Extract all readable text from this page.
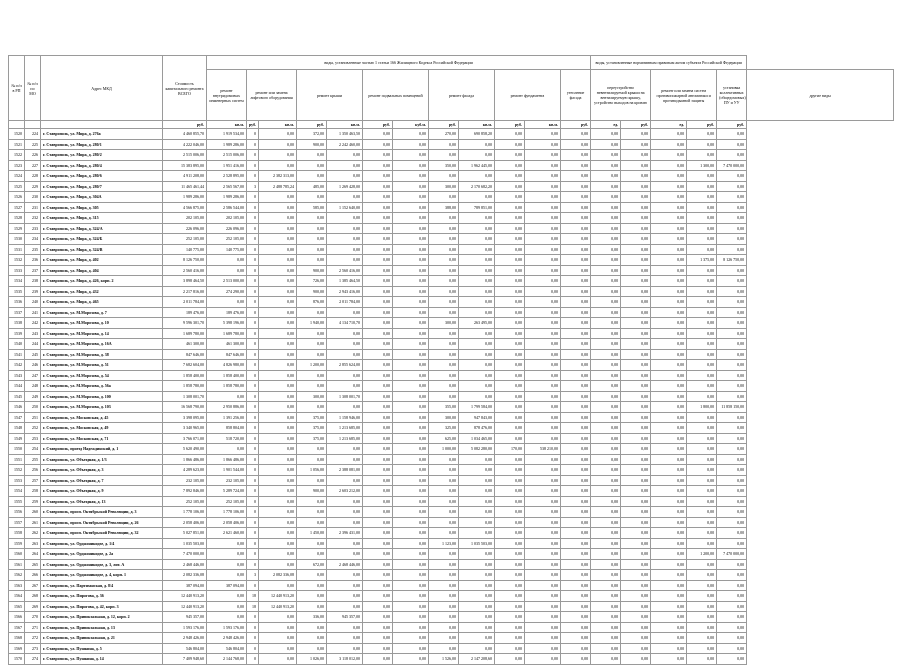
№ п/п в РП	№ п/п по МО	Адрес МКД	Стоимость капитального ремонта ВСЕГО	виды, установленные частью 1 статьи 166 Жилищного Кодекса Российской Федерации												виды, установленные нормативным правовым актом субъекта Российской Федерации					
				ремонт внутридомовых инженерных систем	ремонт или замена лифтового оборудования		ремонт крыши		ремонт подвальных помещений		ремонт фасада		ремонт фундамента		утепление фасада	переустройство невентилируемой крыши на вентилируемую крышу, устройство выходов на кровлю		ремонт или замена систем противопожарной автоматики и противодымной защиты		установка коллективных (общедомовых) ПУ и УУ	другие виды
			руб.	кв.м.	руб.	кв.м.	руб.	кв.м.	руб.	куб.м.	руб.	кв.м.	руб.	кв.м.	руб.	ед.	руб.	ед.	руб.	руб.	
1520	224	г. Ставрополь, ул. Мира, д. 276а	4 460 855,70	1 919 534,00	0	0,00	372,00	1 350 463,50	0,00	0,00	270,00	690 858,20	0,00	0,00	0,00	0,00	0,00	0,00	0,00	0,00	
1521	225	г. Ставрополь, ул. Мира, д. 280/1	4 222 046,00	1 989 286,00	0	0,00	900,00	2 242 460,00	0,00	0,00	0,00	0,00	0,00	0,00	0,00	0,00	0,00	0,00	0,00	0,00	
1522	226	г. Ставрополь, ул. Мира, д. 280/2	2 515 006,00	2 515 006,00	0	0,00	0,00	0,00	0,00	0,00	0,00	0,00	0,00	0,00	0,00	0,00	0,00	0,00	0,00	0,00	
1523	227	г. Ставрополь, ул. Мира, д. 280/4	15 383 895,00	1 951 416,00	0	0,00	0,00	0,00	0,00	0,00	350,00	1 962 445,00	0,00	0,00	0,00	0,00	0,00	0,00	1 300,00	7 470 000,00	
1524	228	г. Ставрополь, ул. Мира, д. 280/6	4 911 208,00	2 528 895,00	0	2 382 313,00	0,00	0,00	0,00	0,00	0,00	0,00	0,00	0,00	0,00	0,00	0,00	0,00	0,00	0,00	
1525	229	г. Ставрополь, ул. Мира, д. 280/7	11 465 461,44	2 565 567,00	3	2 488 785,24	485,00	1 269 428,00	0,00	0,00	300,00	2 170 682,20	0,00	0,00	0,00	0,00	0,00	0,00	0,00	0,00	
1526	230	г. Ставрополь, ул. Мира, д. 304А	1 989 286,00	1 989 286,00	0	0,00	0,00	0,00	0,00	0,00	0,00	0,00	0,00	0,00	0,00	0,00	0,00	0,00	0,00	0,00	
1527	231	г. Ставрополь, ул. Мира, д. 305	4 566 875,00	2 586 544,00	0	0,00	585,00	1 152 640,00	0,00	0,00	388,00	789 851,00	0,00	0,00	0,00	0,00	0,00	0,00	0,00	0,00	
1528	232	г. Ставрополь, ул. Мира, д. 315	202 105,00	202 105,00	0	0,00	0,00	0,00	0,00	0,00	0,00	0,00	0,00	0,00	0,00	0,00	0,00	0,00	0,00	0,00	
1529	233	г. Ставрополь, ул. Мира, д. 324/А	226 096,00	226 096,00	0	0,00	0,00	0,00	0,00	0,00	0,00	0,00	0,00	0,00	0,00	0,00	0,00	0,00	0,00	0,00	
1530	234	г. Ставрополь, ул. Мира, д. 324/Б	252 105,00	252 105,00	0	0,00	0,00	0,00	0,00	0,00	0,00	0,00	0,00	0,00	0,00	0,00	0,00	0,00	0,00	0,00	
1531	235	г. Ставрополь, ул. Мира, д. 324/В	140 775,00	140 775,00	0	0,00	0,00	0,00	0,00	0,00	0,00	0,00	0,00	0,00	0,00	0,00	0,00	0,00	0,00	0,00	
1532	236	г. Ставрополь, ул. Мира, д. 402	8 126 750,00	0,00	0	0,00	0,00	0,00	0,00	0,00	0,00	0,00	0,00	0,00	0,00	0,00	0,00	0,00	1 375,00	8 126 750,00	
1533	237	г. Ставрополь, ул. Мира, д. 404	2 560 416,00	0,00	0	0,00	900,00	2 560 416,00	0,00	0,00	0,00	0,00	0,00	0,00	0,00	0,00	0,00	0,00	0,00	0,00	
1534	238	г. Ставрополь, ул. Мира, д. 426, корп. 2	3 898 464,50	2 513 000,00	0	0,00	726,00	1 385 464,50	0,00	0,00	0,00	0,00	0,00	0,00	0,00	0,00	0,00	0,00	0,00	0,00	
1535	239	г. Ставрополь, ул. Мира, д. 432	2 217 816,00	274 290,00	0	0,00	900,00	2 943 416,00	0,00	0,00	0,00	0,00	0,00	0,00	0,00	0,00	0,00	0,00	0,00	0,00	
1536	240	г. Ставрополь, ул. Мира, д. 465	2 011 784,00	0,00	0	0,00	876,00	2 011 784,00	0,00	0,00	0,00	0,00	0,00	0,00	0,00	0,00	0,00	0,00	0,00	0,00	
1537	241	г. Ставрополь, ул. М.Морозова, д. 7	189 476,00	189 476,00	0	0,00	0,00	0,00	0,00	0,00	0,00	0,00	0,00	0,00	0,00	0,00	0,00	0,00	0,00	0,00	
1538	242	г. Ставрополь, ул. М.Морозова, д. 10	9 596 301,70	5 398 196,00	0	0,00	1 940,00	4 134 710,70	0,00	0,00	300,00	263 495,00	0,00	0,00	0,00	0,00	0,00	0,00	0,00	0,00	
1539	243	г. Ставрополь, ул. М.Морозова, д. 14	1 689 780,00	1 689 780,00	0	0,00	0,00	0,00	0,00	0,00	0,00	0,00	0,00	0,00	0,00	0,00	0,00	0,00	0,00	0,00	
1540	244	г. Ставрополь, ул. М.Морозова, д. 16А	461 300,00	461 300,00	0	0,00	0,00	0,00	0,00	0,00	0,00	0,00	0,00	0,00	0,00	0,00	0,00	0,00	0,00	0,00	
1541	245	г. Ставрополь, ул. М.Морозова, д. 38	847 646,00	847 646,00	0	0,00	0,00	0,00	0,00	0,00	0,00	0,00	0,00	0,00	0,00	0,00	0,00	0,00	0,00	0,00	
1542	246	г. Ставрополь, ул. М.Морозова, д. 51	7 682 604,00	4 826 980,00	0	0,00	1 200,00	2 855 624,00	0,00	0,00	0,00	0,00	0,00	0,00	0,00	0,00	0,00	0,00	0,00	0,00	
1543	247	г. Ставрополь, ул. М.Морозова, д. 54	1 858 400,00	1 858 400,00	0	0,00	0,00	0,00	0,00	0,00	0,00	0,00	0,00	0,00	0,00	0,00	0,00	0,00	0,00	0,00	
1544	248	г. Ставрополь, ул. М.Морозова, д. 56а	1 858 780,00	1 858 780,00	0	0,00	0,00	0,00	0,00	0,00	0,00	0,00	0,00	0,00	0,00	0,00	0,00	0,00	0,00	0,00	
1545	249	г. Ставрополь, ул. М.Морозова, д. 100	1 308 001,70	0,00	0	0,00	300,00	1 308 001,70	0,00	0,00	0,00	0,00	0,00	0,00	0,00	0,00	0,00	0,00	0,00	0,00	
1546	250	г. Ставрополь, ул. М.Морозова, д. 103	16 568 790,00	2 950 886,00	0	0,00	0,00	0,00	0,00	0,00	355,00	1 799 584,00	0,00	0,00	0,00	0,00	0,00	0,00	1 800,00	11 858 150,00	
1547	251	г. Ставрополь, ул. Московская, д. 45	3 398 095,00	1 391 256,00	0	0,00	375,00	1 158 946,00	0,00	0,00	300,00	947 843,00	0,00	0,00	0,00	0,00	0,00	0,00	0,00	0,00	
1548	252	г. Ставрополь, ул. Московская, д. 49	3 340 965,00	858 804,00	0	0,00	375,00	1 213 685,00	0,00	0,00	325,00	878 476,00	0,00	0,00	0,00	0,00	0,00	0,00	0,00	0,00	
1549	253	г. Ставрополь, ул. Московская, д. 71	3 766 071,00	518 720,00	0	0,00	375,00	1 213 685,00	0,00	0,00	625,00	1 034 465,00	0,00	0,00	0,00	0,00	0,00	0,00	0,00	0,00	
1550	254	г. Ставрополь, проезд Надеждинский, д. 1	5 620 490,00	0,00	0	0,00	0,00	0,00	0,00	0,00	1 000,00	5 082 280,00	170,00	538 210,00	0,00	0,00	0,00	0,00	0,00	0,00	
1551	255	г. Ставрополь, ул. Объездная, д. 1/3	1 866 486,00	1 866 486,00	0	0,00	0,00	0,00	0,00	0,00	0,00	0,00	0,00	0,00	0,00	0,00	0,00	0,00	0,00	0,00	
1552	256	г. Ставрополь, ул. Объездная, д. 3	4 289 623,00	1 901 544,00	0	0,00	1 056,00	2 388 081,00	0,00	0,00	0,00	0,00	0,00	0,00	0,00	0,00	0,00	0,00	0,00	0,00	
1553	257	г. Ставрополь, ул. Объездная, д. 7	232 105,00	232 105,00	0	0,00	0,00	0,00	0,00	0,00	0,00	0,00	0,00	0,00	0,00	0,00	0,00	0,00	0,00	0,00	
1554	258	г. Ставрополь, ул. Объездная, д. 9	7 892 846,00	5 289 724,00	0	0,00	900,00	2 603 212,00	0,00	0,00	0,00	0,00	0,00	0,00	0,00	0,00	0,00	0,00	0,00	0,00	
1555	259	г. Ставрополь, ул. Объездная, д. 13	252 105,00	252 105,00	0	0,00	0,00	0,00	0,00	0,00	0,00	0,00	0,00	0,00	0,00	0,00	0,00	0,00	0,00	0,00	
1556	260	г. Ставрополь, просп. Октябрьской Революции, д. 3	1 778 106,00	1 778 106,00	0	0,00	0,00	0,00	0,00	0,00	0,00	0,00	0,00	0,00	0,00	0,00	0,00	0,00	0,00	0,00	
1557	261	г. Ставрополь, просп. Октябрьской Революции, д. 26	2 058 406,00	2 058 406,00	0	0,00	0,00	0,00	0,00	0,00	0,00	0,00	0,00	0,00	0,00	0,00	0,00	0,00	0,00	0,00	
1558	262	г. Ставрополь, просп. Октябрьской Революции, д. 32	5 027 851,00	2 621 460,00	0	0,00	1 450,00	2 396 431,00	0,00	0,00	0,00	0,00	0,00	0,00	0,00	0,00	0,00	0,00	0,00	0,00	
1559	263	г. Ставрополь, ул. Орджоникидзе, д. 1/4	1 035 503,00	0,00	0	0,00	0,00	0,00	0,00	0,00	1 123,00	1 035 503,00	0,00	0,00	0,00	0,00	0,00	0,00	0,00	0,00	
1560	264	г. Ставрополь, ул. Орджоникидзе, д. 2а	7 470 000,00	0,00	0	0,00	0,00	0,00	0,00	0,00	0,00	0,00	0,00	0,00	0,00	0,00	0,00	0,00	1 200,00	7 470 000,00	
1561	265	г. Ставрополь, ул. Орджоникидзе, д. 3, лит. А	2 468 446,00	0,00	0	0,00	672,00	2 468 446,00	0,00	0,00	0,00	0,00	0,00	0,00	0,00	0,00	0,00	0,00	0,00	0,00	
1562	266	г. Ставрополь, ул. Орджоникидзе, д. 4, корп. 1	2 082 336,08	0,00	3	2 082 336,08	0,00	0,00	0,00	0,00	0,00	0,00	0,00	0,00	0,00	0,00	0,00	0,00	0,00	0,00	
1563	267	г. Ставрополь, ул. Партизанская, д. 8/4	387 094,00	387 094,00	0	0,00	0,00	0,00	0,00	0,00	0,00	0,00	0,00	0,00	0,00	0,00	0,00	0,00	0,00	0,00	
1564	268	г. Ставрополь, ул. Пирогова, д. 36	12 440 913,20	0,00	18	12 440 913,20	0,00	0,00	0,00	0,00	0,00	0,00	0,00	0,00	0,00	0,00	0,00	0,00	0,00	0,00	
1565	269	г. Ставрополь, ул. Пирогова, д. 42, корп. 3	12 440 913,20	0,00	18	12 440 913,20	0,00	0,00	0,00	0,00	0,00	0,00	0,00	0,00	0,00	0,00	0,00	0,00	0,00	0,00	
1566	270	г. Ставрополь, ул. Привокзальная, д. 12, корп. 2	945 357,00	0,00	0	0,00	336,00	945 357,00	0,00	0,00	0,00	0,00	0,00	0,00	0,00	0,00	0,00	0,00	0,00	0,00	
1567	271	г. Ставрополь, ул. Привокзальная, д. 13	1 593 176,00	1 593 176,00	0	0,00	0,00	0,00	0,00	0,00	0,00	0,00	0,00	0,00	0,00	0,00	0,00	0,00	0,00	0,00	
1568	272	г. Ставрополь, ул. Привокзальная, д. 21	2 948 426,00	2 948 426,00	0	0,00	0,00	0,00	0,00	0,00	0,00	0,00	0,00	0,00	0,00	0,00	0,00	0,00	0,00	0,00	
1569	273	г. Ставрополь, ул. Пушкина, д. 5	546 804,00	546 804,00	0	0,00	0,00	0,00	0,00	0,00	0,00	0,00	0,00	0,00	0,00	0,00	0,00	0,00	0,00	0,00	
1570	274	г. Ставрополь, ул. Пушкина, д. 14	7 409 948,60	2 144 768,00	0	0,00	1 026,00	3 118 012,00	0,00	0,00	1 526,00	2 147 208,60	0,00	0,00	0,00	0,00	0,00	0,00	0,00	0,00	
